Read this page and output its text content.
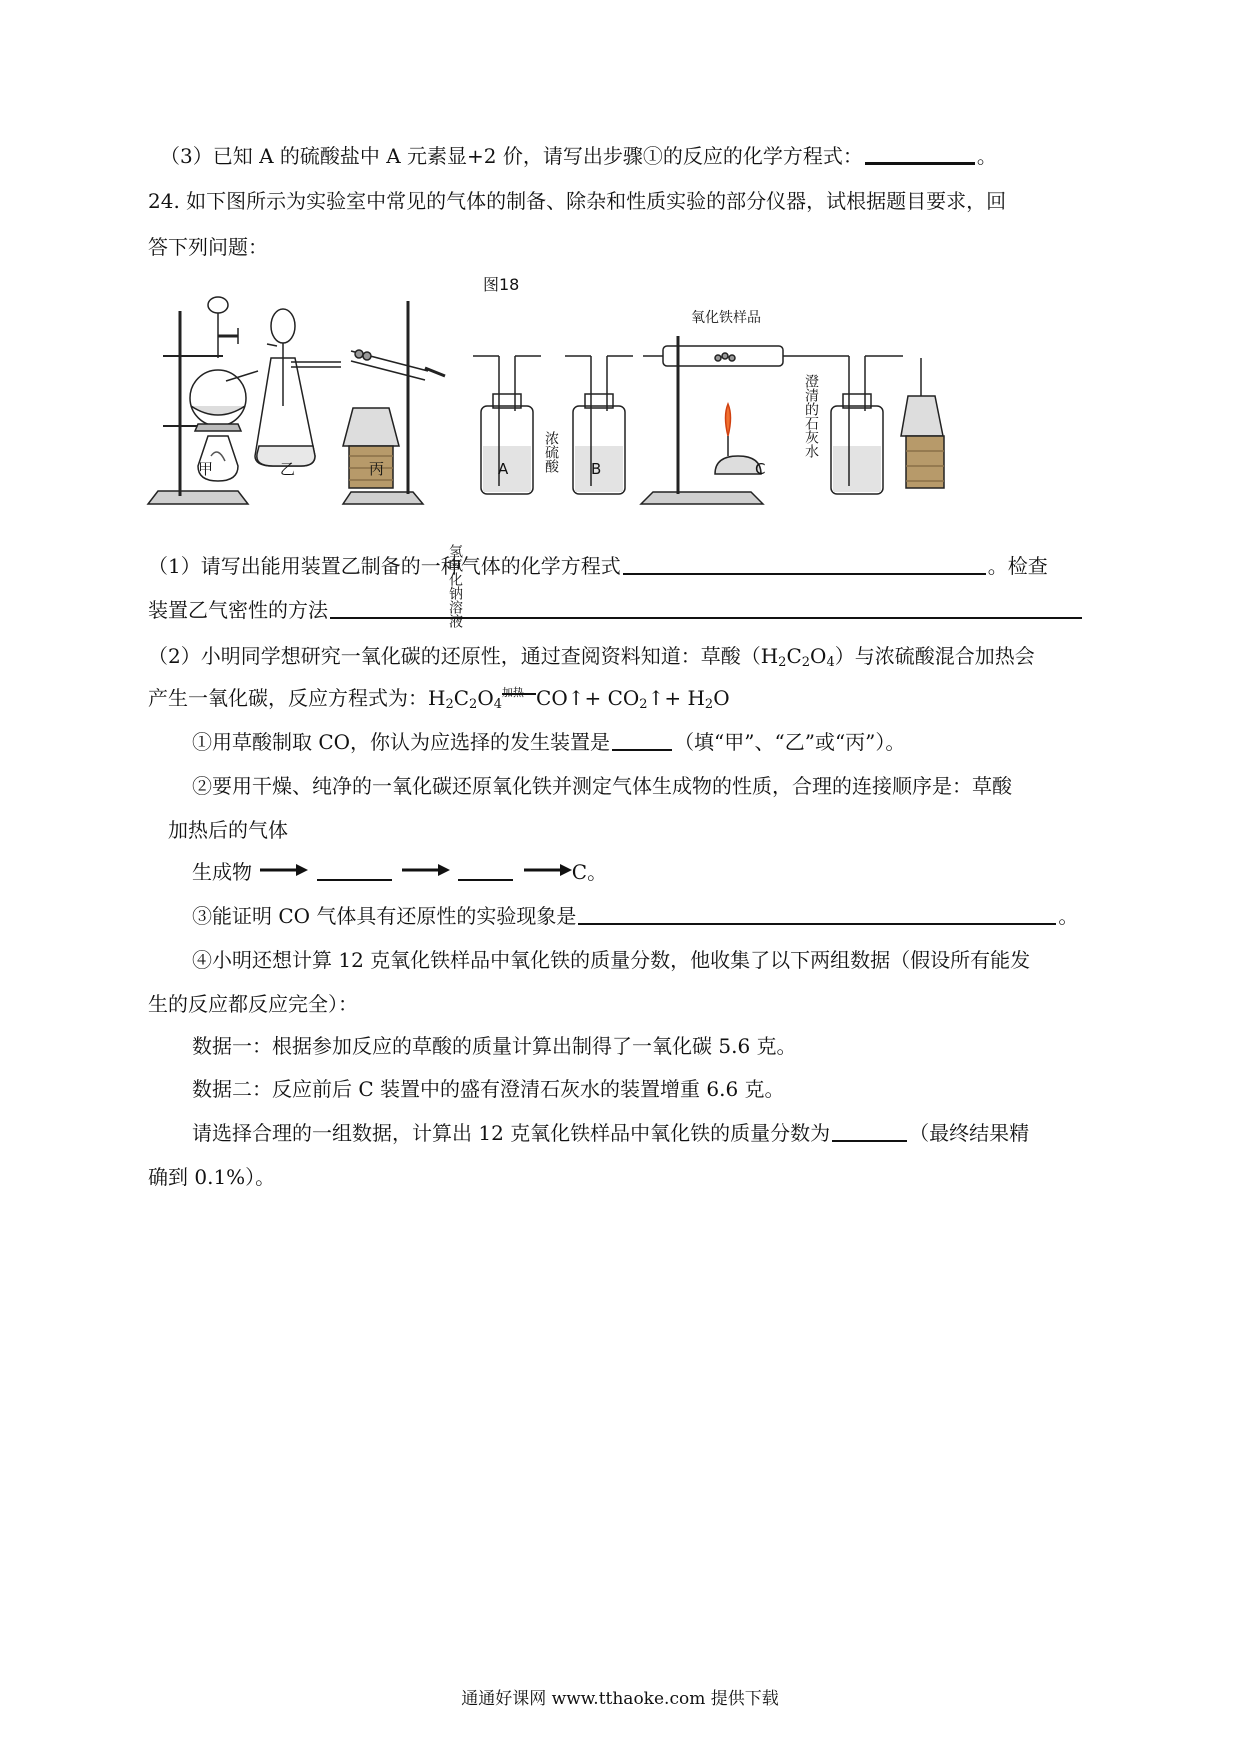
（3）已知 A 的硫酸盐中 A 元素显+2 价，请写出步骤①的反应的化学方程式：	。
24. 如下图所示为实验室中常见的气体的制备、除杂和性质实验的部分仪器，试根据题目要求，回
答下列问题：
甲	乙	丙
氢氧化钠溶液
A 浓硫酸 B
图18
氧化铁样品
澄清的石灰水
C
（1）请写出能用装置乙制备的一种气体的化学方程式	。检查
装置乙气密性的方法
（2）小明同学想研究一氧化碳的还原性，通过查阅资料知道：草酸$(H_2C_2O_4)$与浓硫酸混合加热会
产生一氧化碳，反应方程式为：$H_2C_2O_4$
加热 CO↑+ $CO_2↑+ H_2O$
①用草酸制取 CO，你认为应选择的发生装置是	（填“甲”、“乙”或“丙”）。
②要用干燥、纯净的一氧化碳还原氧化铁并测定气体生成物的性质，合理的连接顺序是：草酸
加热后的气体
生成物	C。
③能证明 CO 气体具有还原性的实验现象是	。
④小明还想计算 12 克氧化铁样品中氧化铁的质量分数，他收集了以下两组数据（假设所有能发
生的反应都反应完全）：
数据一：根据参加反应的草酸的质量计算出制得了一氧化碳 5.6 克。
数据二：反应前后 C 装置中的盛有澄清石灰水的装置增重 6.6 克。
请选择合理的一组数据，计算出 12 克氧化铁样品中氧化铁的质量分数为	（最终结果精
确到 0.1%）。
通通好课网 www.tthaoke.com 提供下载
